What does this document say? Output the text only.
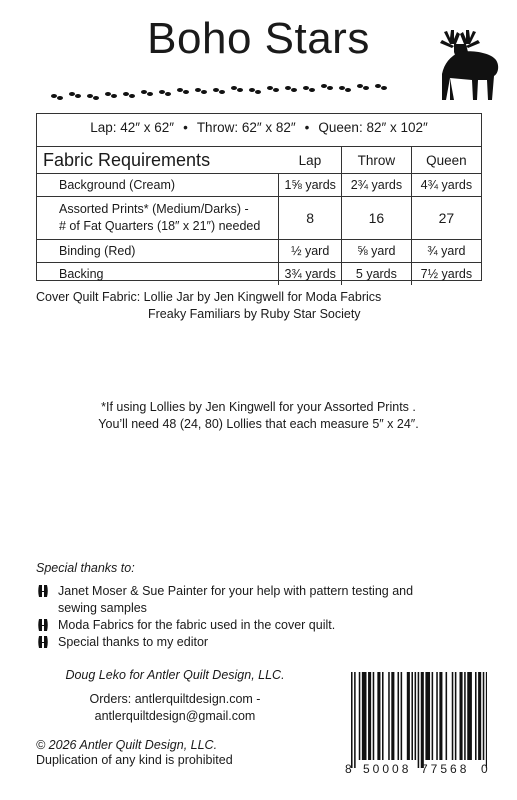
Boho Stars
Lap: 42″ x 62″ • Throw: 62″ x 82″ • Queen: 82″ x 102″
Fabric Requirements	Lap	Throw	Queen
Background (Cream)	1⅝ yards	2¾ yards	4¾ yards

Assorted Prints* (Medium/Darks) -
# of Fat Quarters (18″ x 21″) needed	8	16	27
Binding (Red)	½ yard	⅝ yard	¾ yard
Backing	3¾ yards	5 yards	7½ yards
Cover Quilt Fabric: Lollie Jar by Jen Kingwell for Moda Fabrics
Freaky Familiars by Ruby Star Society
*If using Lollies by Jen Kingwell for your Assorted Prints .
You’ll need 48 (24, 80) Lollies that each measure 5″ x 24″.
Special thanks to:
Janet Moser & Sue Painter for your help with pattern testing and
sewing samples
Moda Fabrics for the fabric used in the cover quilt.
Special thanks to my editor
Doug Leko for Antler Quilt Design, LLC.
Orders: antlerquiltdesign.com -
antlerquiltdesign@gmail.com
© 2026 Antler Quilt Design, LLC.
Duplication of any kind is prohibited
8 50008 77568 0
